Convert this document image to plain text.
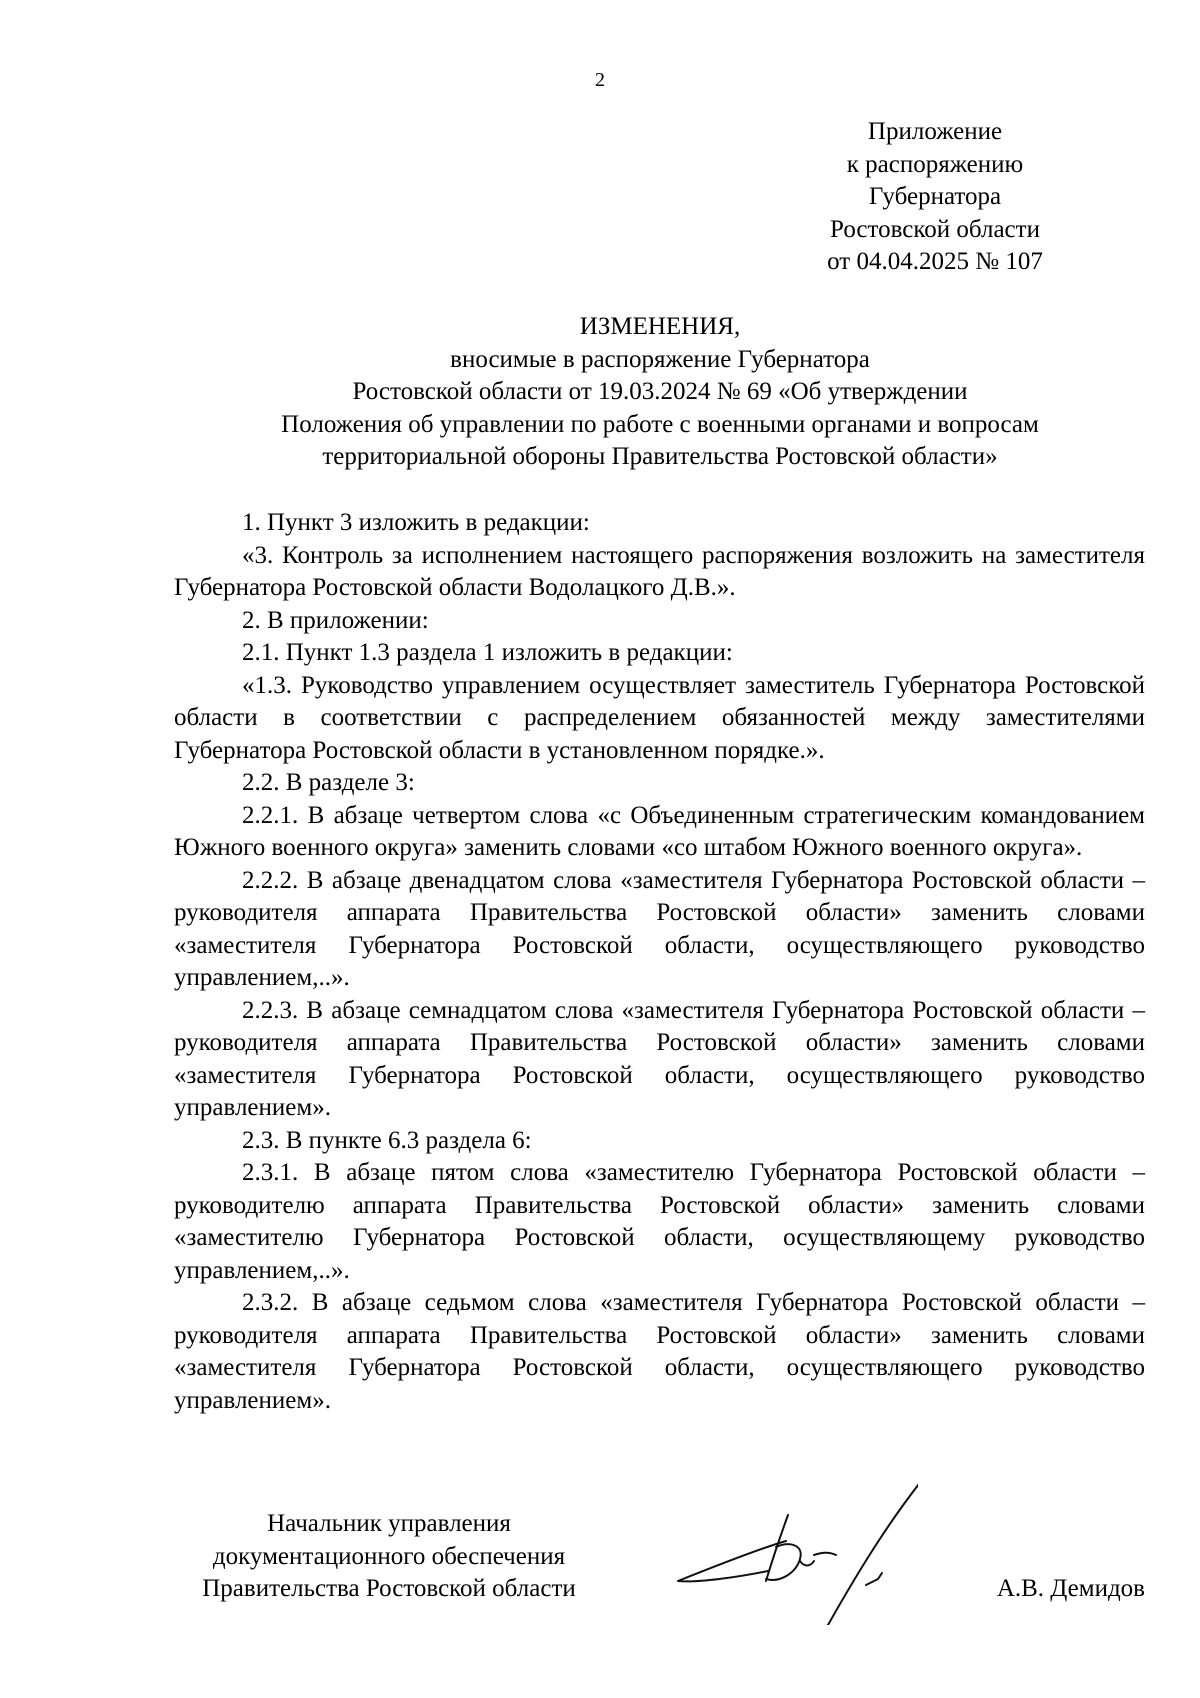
2
Приложение
к распоряжению
Губернатора
Ростовской области
от 04.04.2025 № 107
ИЗМЕНЕНИЯ,
вносимые в распоряжение Губернатора
Ростовской области от 19.03.2024 № 69 «Об утверждении
Положения об управлении по работе с военными органами и вопросам
территориальной обороны Правительства Ростовской области»

1. Пункт 3 изложить в редакции:

«3. Контроль за исполнением настоящего распоряжения возложить на заместителя Губернатора Ростовской области Водолацкого Д.В.».

2. В приложении:

2.1. Пункт 1.3 раздела 1 изложить в редакции:

«1.3. Руководство управлением осуществляет заместитель Губернатора Ростовской области в соответствии с распределением обязанностей между заместителями Губернатора Ростовской области в установленном порядке.».

2.2. В разделе 3:

2.2.1. В абзаце четвертом слова «с Объединенным стратегическим командованием Южного военного округа» заменить словами «со штабом Южного военного округа».

2.2.2. В абзаце двенадцатом слова «заместителя Губернатора Ростовской области – руководителя аппарата Правительства Ростовской области» заменить словами «заместителя Губернатора Ростовской области, осуществляющего руководство управлением,..».

2.2.3. В абзаце семнадцатом слова «заместителя Губернатора Ростовской области – руководителя аппарата Правительства Ростовской области» заменить словами «заместителя Губернатора Ростовской области, осуществляющего руководство управлением».

2.3. В пункте 6.3 раздела 6:

2.3.1. В абзаце пятом слова «заместителю Губернатора Ростовской области – руководителю аппарата Правительства Ростовской области» заменить словами «заместителю Губернатора Ростовской области, осуществляющему руководство управлением,..».

2.3.2. В абзаце седьмом слова «заместителя Губернатора Ростовской области – руководителя аппарата Правительства Ростовской области» заменить словами «заместителя Губернатора Ростовской области, осуществляющего руководство управлением».

Начальник управления
документационного обеспечения
Правительства Ростовской области	А.В. Демидов
